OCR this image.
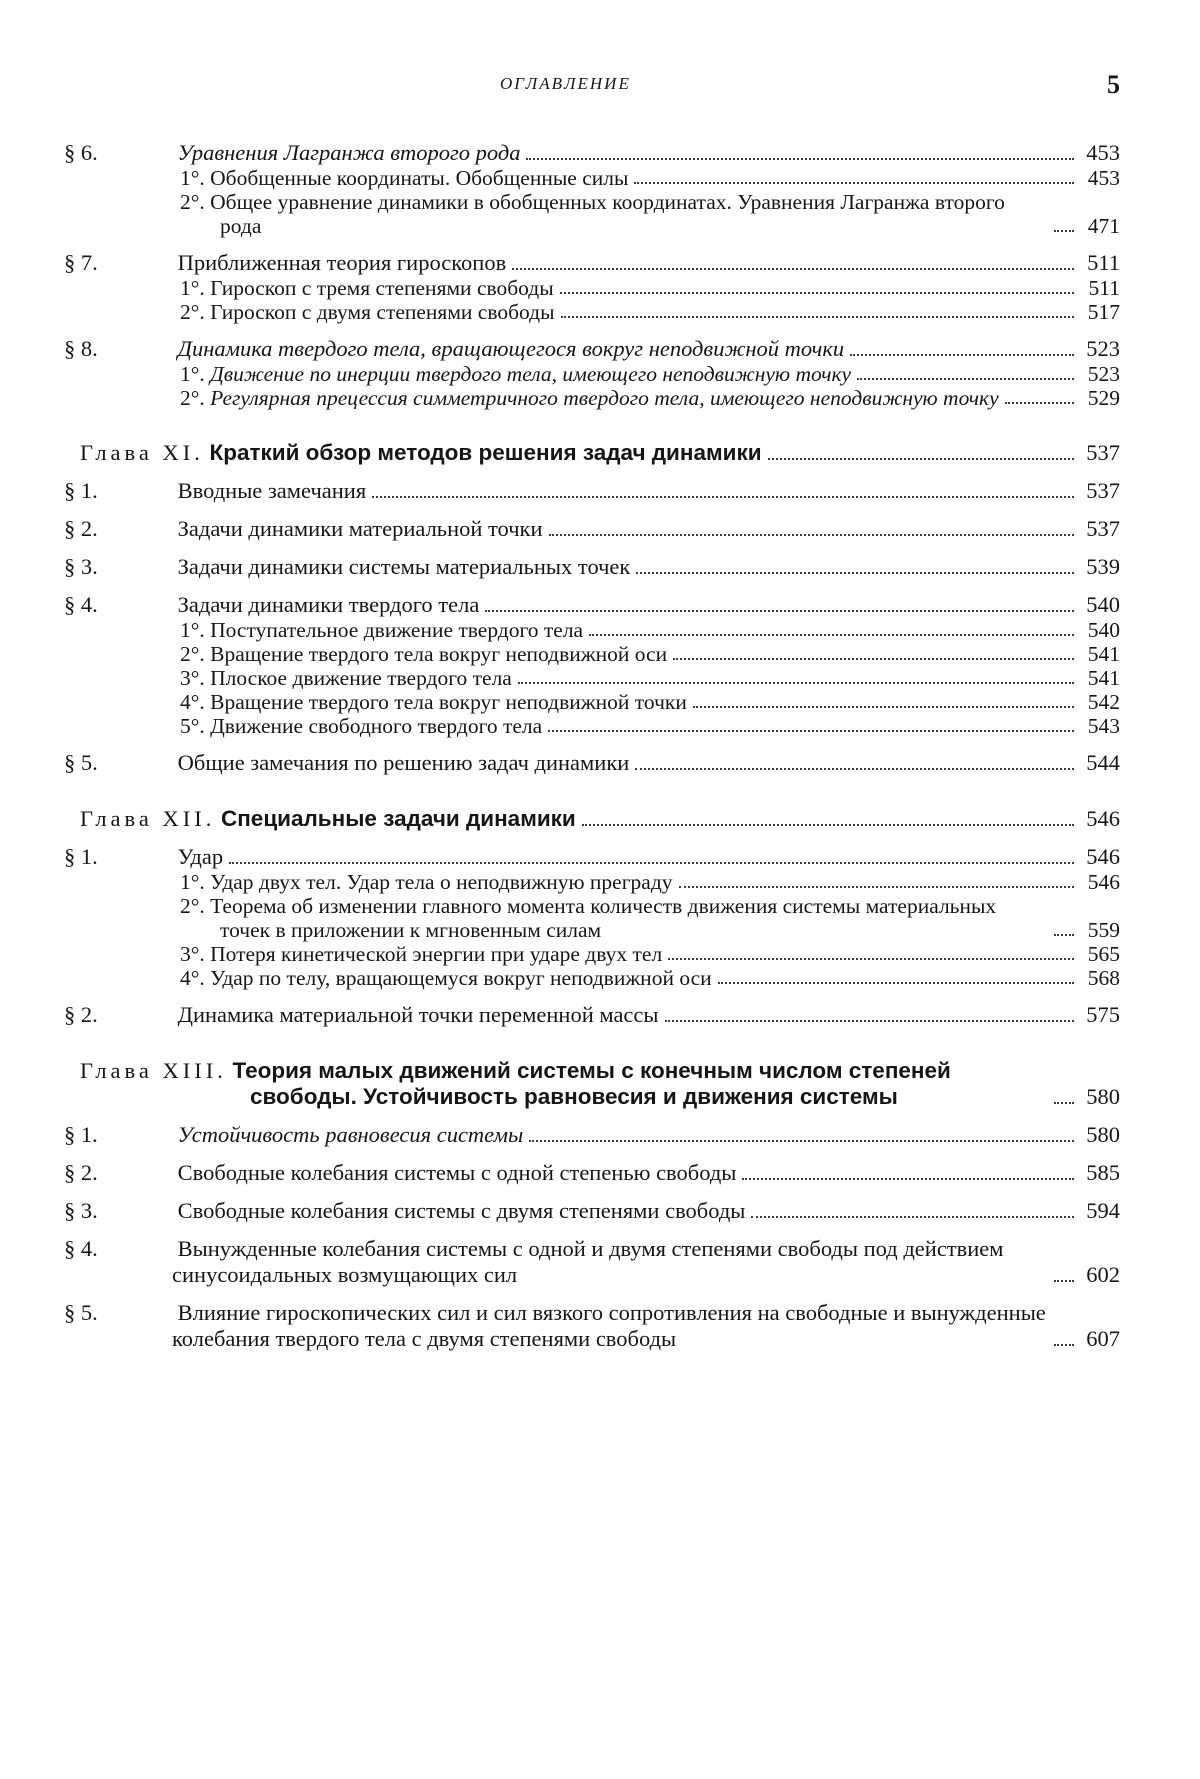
ОГЛАВЛЕНИЕ	5
§ 6.	Уравнения Лагранжа второго рода	453
1°. Обобщенные координаты. Обобщенные силы	453
2°. Общее уравнение динамики в обобщенных координатах. Уравнения Лагранжа второго рода	471
§ 7.	Приближенная теория гироскопов	511
1°. Гироскоп с тремя степенями свободы	511
2°. Гироскоп с двумя степенями свободы	517
§ 8.	Динамика твердого тела, вращающегося вокруг неподвижной точки	523
1°. Движение по инерции твердого тела, имеющего неподвижную точку	523
2°. Регулярная прецессия симметричного твердого тела, имеющего неподвижную точку	529
Глава XI. Краткий обзор методов решения задач динамики	537
§ 1.	Вводные замечания	537
§ 2.	Задачи динамики материальной точки	537
§ 3.	Задачи динамики системы материальных точек	539
§ 4.	Задачи динамики твердого тела	540
1°. Поступательное движение твердого тела	540
2°. Вращение твердого тела вокруг неподвижной оси	541
3°. Плоское движение твердого тела	541
4°. Вращение твердого тела вокруг неподвижной точки	542
5°. Движение свободного твердого тела	543
§ 5.	Общие замечания по решению задач динамики	544
Глава XII. Специальные задачи динамики	546
§ 1.	Удар	546
1°. Удар двух тел. Удар тела о неподвижную преграду	546
2°. Теорема об изменении главного момента количеств движения системы материальных точек в приложении к мгновенным силам	559
3°. Потеря кинетической энергии при ударе двух тел	565
4°. Удар по телу, вращающемуся вокруг неподвижной оси	568
§ 2.	Динамика материальной точки переменной массы	575
Глава XIII. Теория малых движений системы с конечным числом степеней свободы. Устойчивость равновесия и движения системы	580
§ 1.	Устойчивость равновесия системы	580
§ 2.	Свободные колебания системы с одной степенью свободы	585
§ 3.	Свободные колебания системы с двумя степенями свободы	594
§ 4.	Вынужденные колебания системы с одной и двумя степенями свободы под действием синусоидальных возмущающих сил	602
§ 5.	Влияние гироскопических сил и сил вязкого сопротивления на свободные и вынужденные колебания твердого тела с двумя степенями свободы	607
